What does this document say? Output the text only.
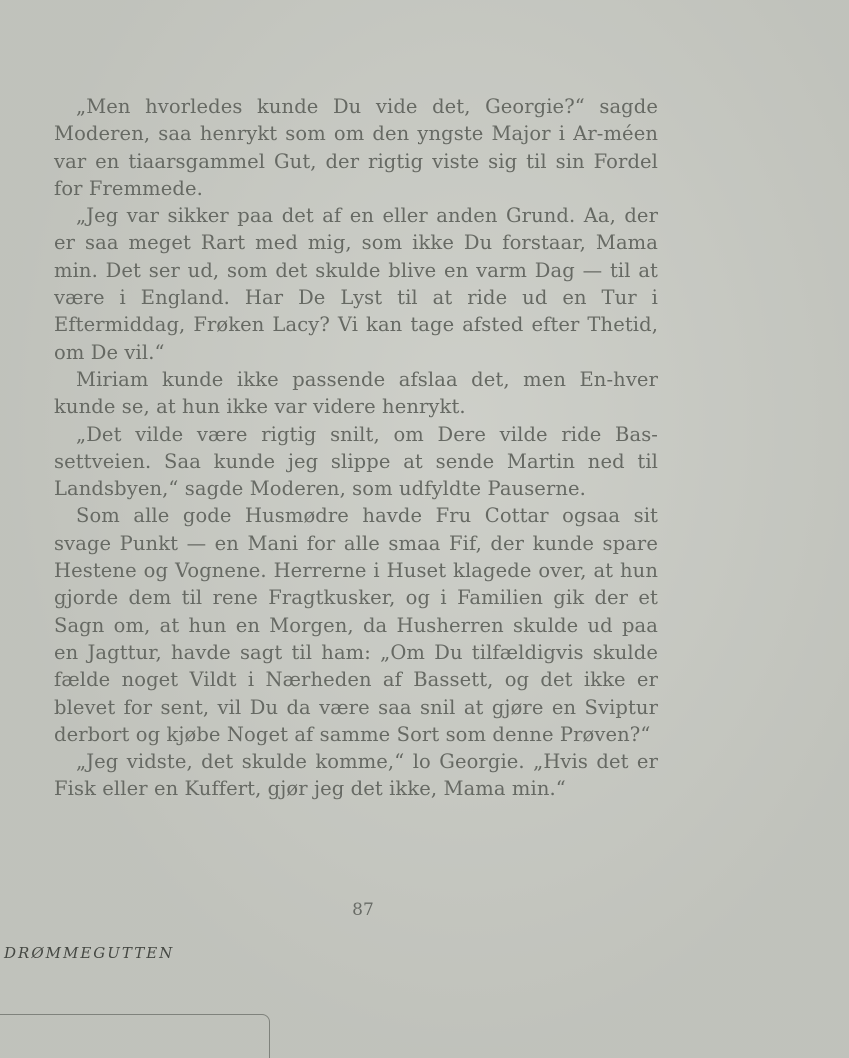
„Men hvorledes kunde Du vide det, Georgie?“ sagde Moderen, saa henrykt som om den yngste Major i Ar-méen var en tiaarsgammel Gut, der rigtig viste sig til sin Fordel for Fremmede.

„Jeg var sikker paa det af en eller anden Grund. Aa, der er saa meget Rart med mig, som ikke Du forstaar, Mama min. Det ser ud, som det skulde blive en varm Dag — til at være i England. Har De Lyst til at ride ud en Tur i Eftermiddag, Frøken Lacy? Vi kan tage afsted efter Thetid, om De vil.“

Miriam kunde ikke passende afslaa det, men En-hver kunde se, at hun ikke var videre henrykt.

„Det vilde være rigtig snilt, om Dere vilde ride Bas-settveien. Saa kunde jeg slippe at sende Martin ned til Landsbyen,“ sagde Moderen, som udfyldte Pauserne.

Som alle gode Husmødre havde Fru Cottar ogsaa sit svage Punkt — en Mani for alle smaa Fif, der kunde spare Hestene og Vognene. Herrerne i Huset klagede over, at hun gjorde dem til rene Fragtkusker, og i Familien gik der et Sagn om, at hun en Morgen, da Husherren skulde ud paa en Jagttur, havde sagt til ham: „Om Du tilfældigvis skulde fælde noget Vildt i Nærheden af Bassett, og det ikke er blevet for sent, vil Du da være saa snil at gjøre en Sviptur derbort og kjøbe Noget af samme Sort som denne Prøven?“

„Jeg vidste, det skulde komme,“ lo Georgie. „Hvis det er Fisk eller en Kuffert, gjør jeg det ikke, Mama min.“

87
DRØMMEGUTTEN
